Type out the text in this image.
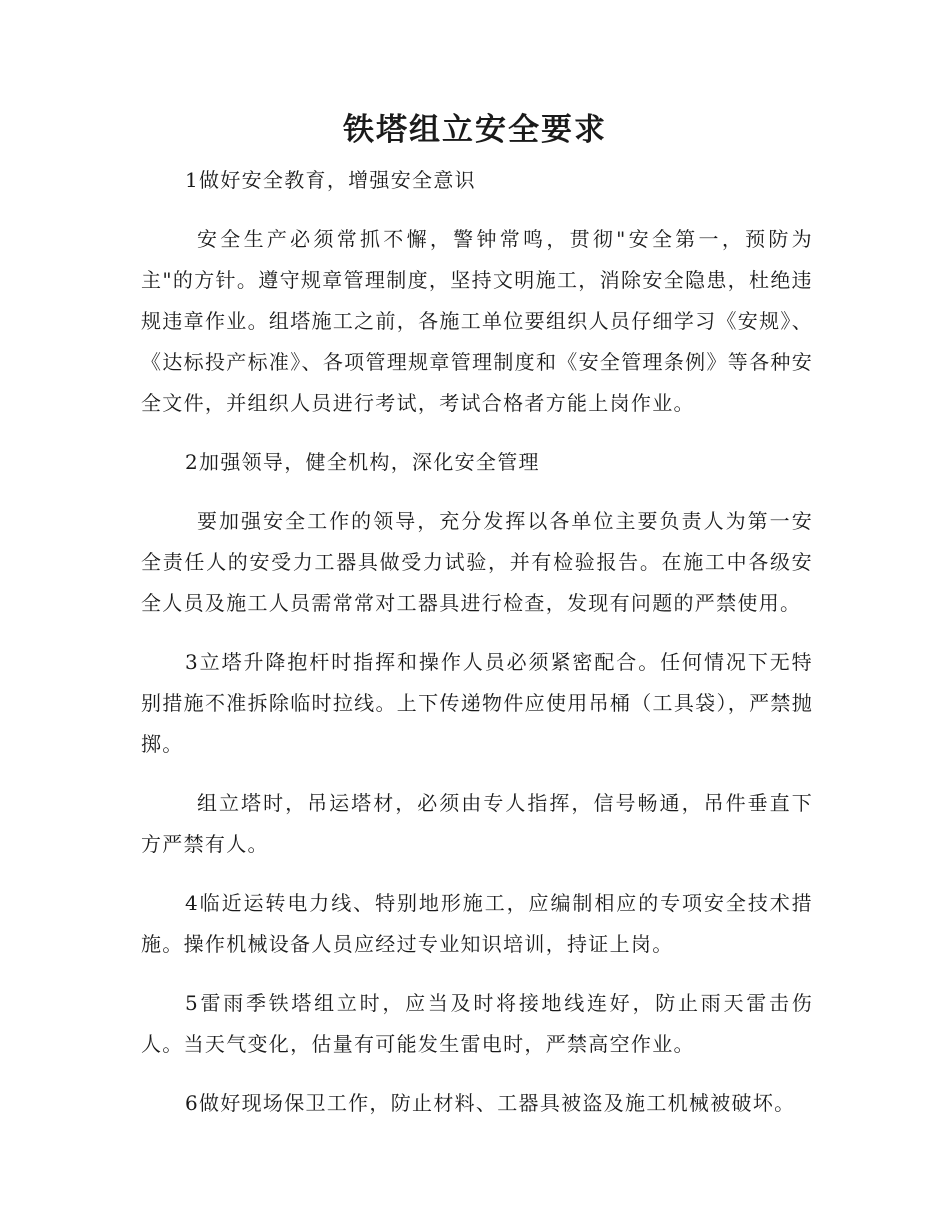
铁塔组立安全要求

1做好安全教育，增强安全意识

安全生产必须常抓不懈，警钟常鸣，贯彻"安全第一，预防为主"的方针。遵守规章管理制度，坚持文明施工，消除安全隐患，杜绝违规违章作业。组塔施工之前，各施工单位要组织人员仔细学习《安规》、《达标投产标准》、各项管理规章管理制度和《安全管理条例》等各种安全文件，并组织人员进行考试，考试合格者方能上岗作业。

2加强领导，健全机构，深化安全管理

要加强安全工作的领导，充分发挥以各单位主要负责人为第一安全责任人的安受力工器具做受力试验，并有检验报告。在施工中各级安全人员及施工人员需常常对工器具进行检查，发现有问题的严禁使用。

3立塔升降抱杆时指挥和操作人员必须紧密配合。任何情况下无特别措施不准拆除临时拉线。上下传递物件应使用吊桶（工具袋），严禁抛掷。

组立塔时，吊运塔材，必须由专人指挥，信号畅通，吊件垂直下方严禁有人。

4临近运转电力线、特别地形施工，应编制相应的专项安全技术措施。操作机械设备人员应经过专业知识培训，持证上岗。

5雷雨季铁塔组立时，应当及时将接地线连好，防止雨天雷击伤人。当天气变化，估量有可能发生雷电时，严禁高空作业。

6做好现场保卫工作，防止材料、工器具被盗及施工机械被破坏。
